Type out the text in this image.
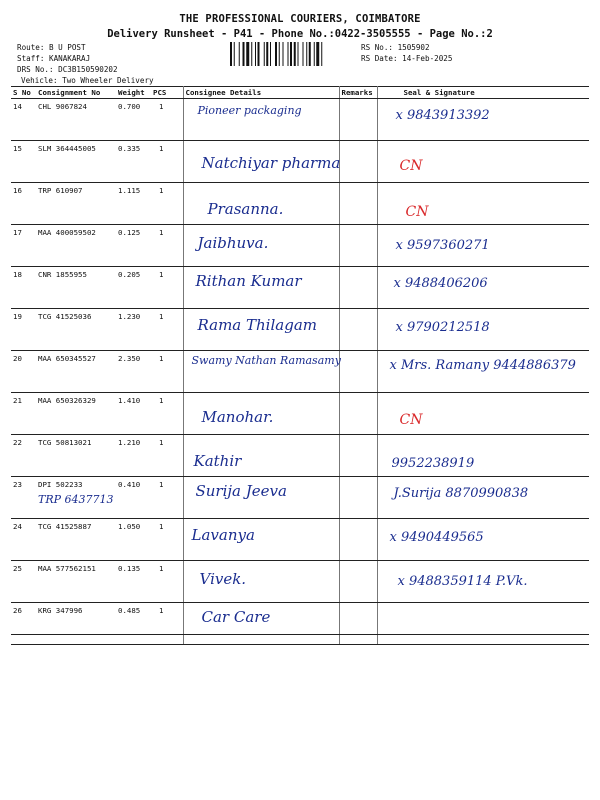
THE PROFESSIONAL COURIERS, COIMBATORE
Delivery Runsheet - P41 - Phone No.:0422-3505555 - Page No.:2
Route: B U POST
Staff: KANAKARAJ
DRS No.: DC3B150590202
Vehicle: Two Wheeler Delivery
RS No.: 1505902
RS Date: 14-Feb-2025
S No	Consignment No	Weight	PCS	Consignee Details	Remarks	Seal & Signature
14	CHL 9067824	0.700	1	Pioneer packaging		x 9843913392

15	SLM 364445005	0.335	1	Natchiyar pharma		CN

16	TRP 610907	1.115	1	Prasanna.		CN

17	MAA 400059502	0.125	1	Jaibhuva.		x 9597360271

18	CNR 1855955	0.205	1	Rithan Kumar		x 9488406206

19	TCG 41525036	1.230	1	Rama Thilagam		x 9790212518

20	MAA 650345527	2.350	1	Swamy Nathan Ramasamy		x Mrs. Ramany 9444886379

21	MAA 650326329	1.410	1	Manohar.		CN

22	TCG 50813021	1.210	1	Kathir		9952238919

23	DPI 502233
TRP 6437713	0.410	1	Surija Jeeva		J.Surija 8870990838

24	TCG 41525887	1.050	1	Lavanya		x 9490449565

25	MAA 577562151	0.135	1	Vivek.		x 9488359114 P.Vk.

26	KRG 347996	0.485	1	Car Care		
